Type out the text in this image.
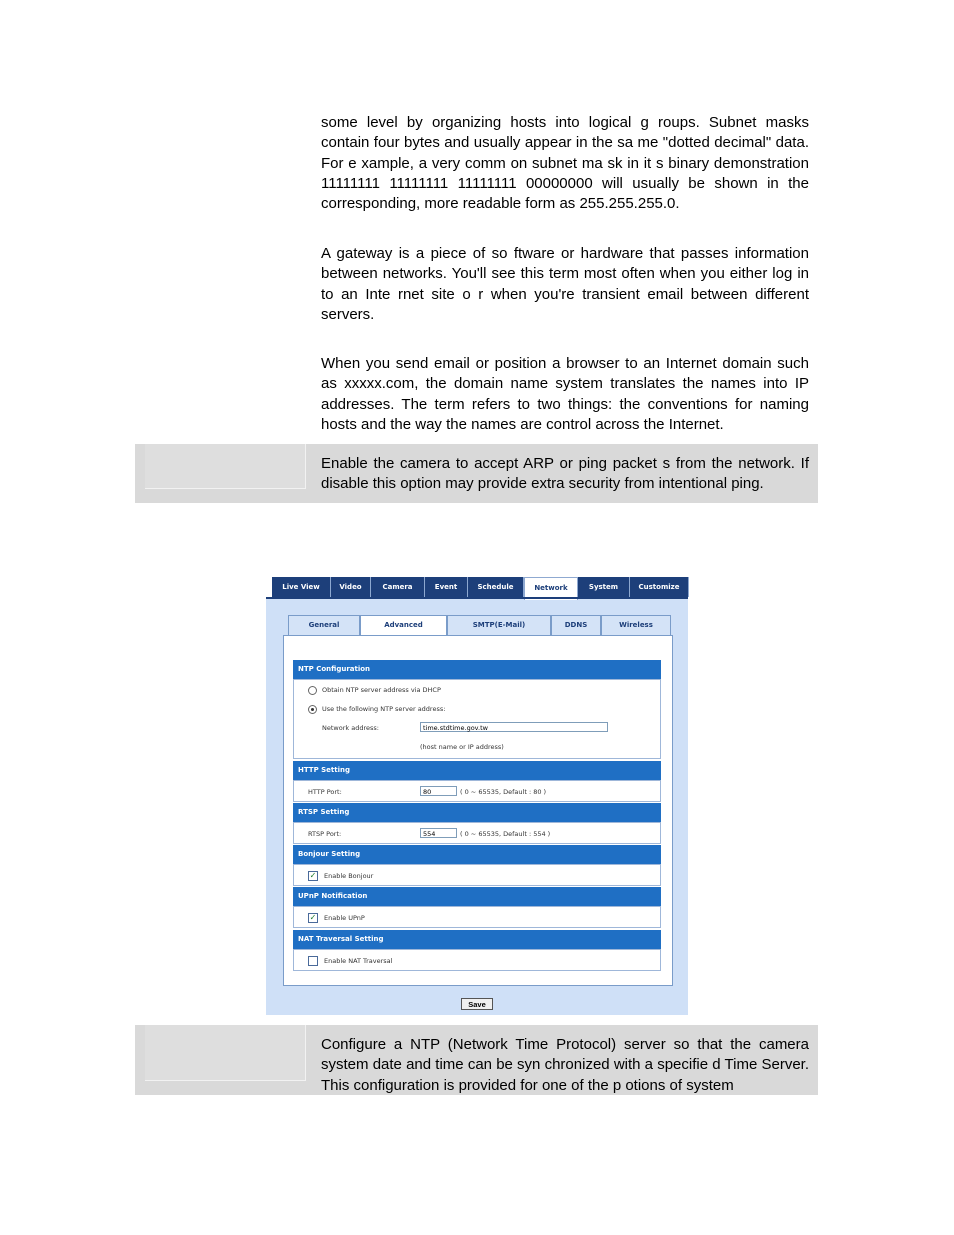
some level by organizing hosts into logical g roups. Subnet masks contain four bytes and usually appear in the sa me "dotted decimal" data. For e xample, a very comm on subnet ma sk in it s binary demonstration 11111111 11111111 11111111 00000000 will usually be shown in the corresponding, more readable form as 255.255.255.0.

A gateway is a piece of so ftware or hardware that passes information between networks. You'll see this term most often when you either log in to an Inte rnet site o r when you're transient email between different servers.

When you send email or position a browser to an Internet domain such as xxxxx.com, the domain name system translates the names into IP addresses. The term refers to two things: the conventions for naming hosts and the way the names are control across the Internet.

Enable the camera to accept ARP or ping packet s from the network. If disable this option may provide extra security from intentional ping.

Live View	Video	Camera	Event	Schedule	Network	System	Customize
General	Advanced	SMTP(E-Mail)	DDNS	Wireless
NTP Configuration
Obtain NTP server address via DHCP
Use the following NTP server address:
Network address:	time.stdtime.gov.tw
(host name or IP address)
HTTP Setting
HTTP Port:	80	( 0 ~ 65535, Default : 80 )
RTSP Setting
RTSP Port:	554	( 0 ~ 65535, Default : 554 )
Bonjour Setting
✓ Enable Bonjour
UPnP Notification
✓ Enable UPnP
NAT Traversal Setting
Enable NAT Traversal
Save

Configure a NTP (Network Time Protocol) server so that the camera system date and time can be syn chronized with a specifie d Time Server. This configuration is provided for one of the p otions of system
